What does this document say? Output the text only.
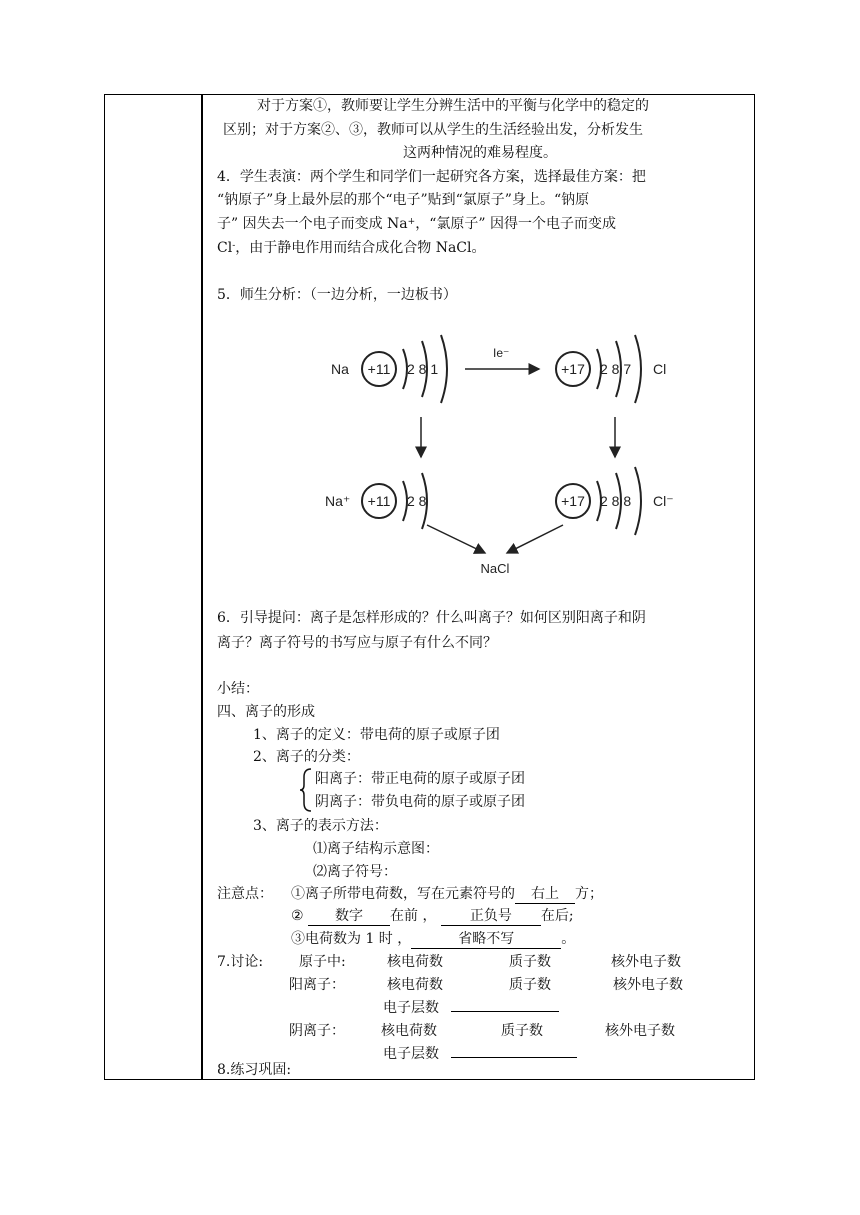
对于方案①，教师要让学生分辨生活中的平衡与化学中的稳定的
区别；对于方案②、③，教师可以从学生的生活经验出发，分析发生
这两种情况的难易程度。
4．学生表演：两个学生和同学们一起研究各方案，选择最佳方案：把
“钠原子”身上最外层的那个“电子”贴到“氯原子”身上。“钠原
子” 因失去一个电子而变成 Na+，“氯原子” 因得一个电子而变成
Cl-，由于静电作用而结合成化合物 NaCl。
5．师生分析：（一边分析，一边板书）
Na +11 2 8 1
Ie⁻
+17 2 8 7 Cl
Na⁺ +11 2 8	+17 2 8 8 Cl⁻
NaCl
6．引导提问：离子是怎样形成的？什么叫离子？如何区别阳离子和阴
离子？离子符号的书写应与原子有什么不同？
小结：
四、离子的形成
1、离子的定义：带电荷的原子或原子团
2、离子的分类：
阳离子：带正电荷的原子或原子团
阴离子：带负电荷的原子或原子团
3、离子的表示方法：
⑴离子结构示意图：
⑵离子符号：
注意点： ①离子所带电荷数，写在元素符号的 右上 方；
② 数字 在前 ， 正负号 在后;
③电荷数为 1 时 ，	省略不写	。
7.讨论:	原子中:	核电荷数	质子数	核外电子数
阳离子：	核电荷数	质子数	核外电子数
电子层数
阴离子：	核电荷数	质子数	核外电子数
电子层数
8.练习巩固:
